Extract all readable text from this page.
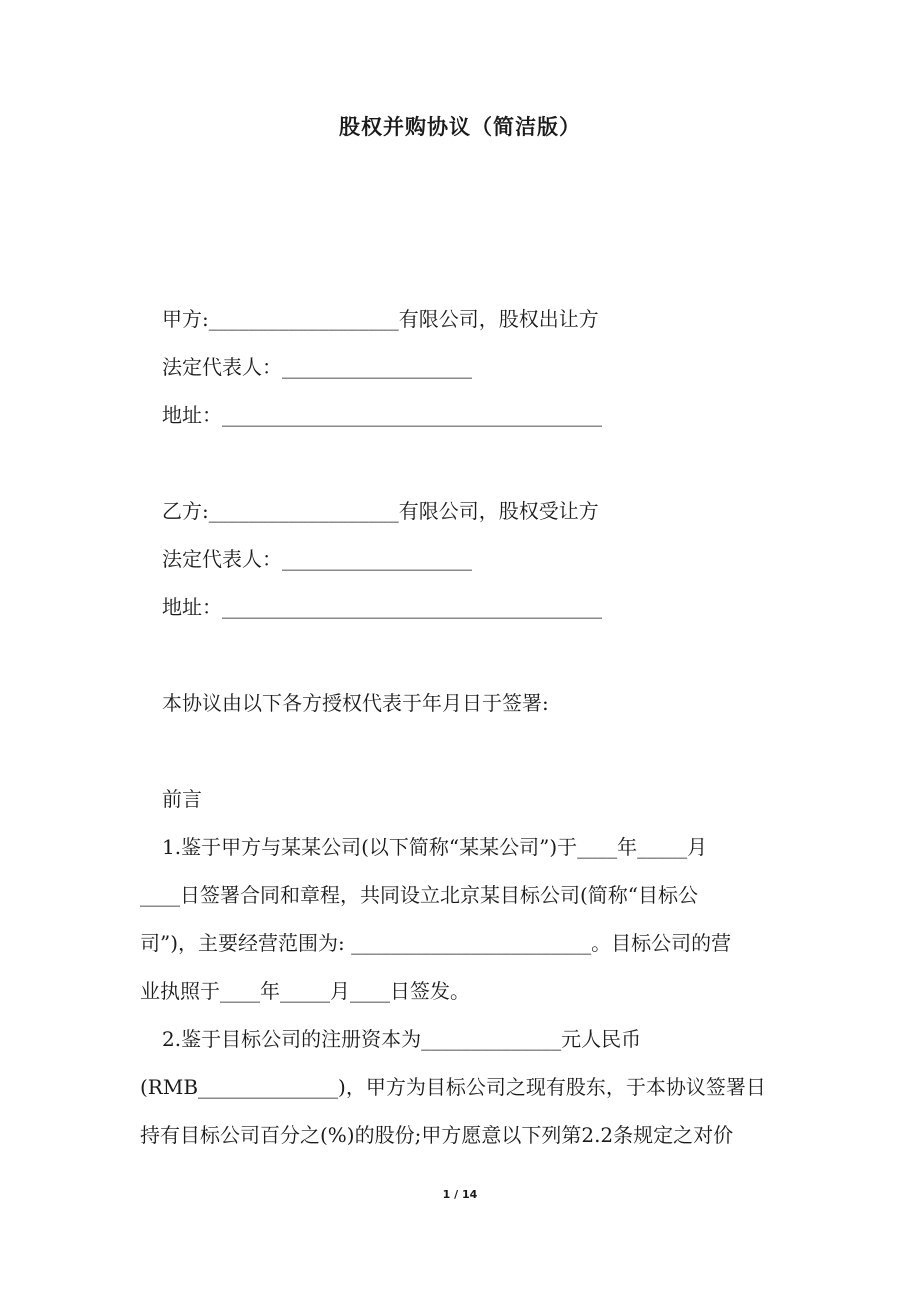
股权并购协议（简洁版）
甲方:___________________有限公司，股权出让方
法定代表人：___________________
地址：______________________________________
乙方:___________________有限公司，股权受让方
法定代表人：___________________
地址：______________________________________
本协议由以下各方授权代表于年月日于签署:
前言
1.鉴于甲方与某某公司(以下简称“某某公司”)于____年_____月
____日签署合同和章程，共同设立北京某目标公司(简称“目标公
司”)，主要经营范围为: ________________________。目标公司的营
业执照于____年_____月____日签发。
2.鉴于目标公司的注册资本为______________元人民币
(RMB______________)，甲方为目标公司之现有股东，于本协议签署日
持有目标公司百分之(%)的股份;甲方愿意以下列第2.2条规定之对价
1 / 14
